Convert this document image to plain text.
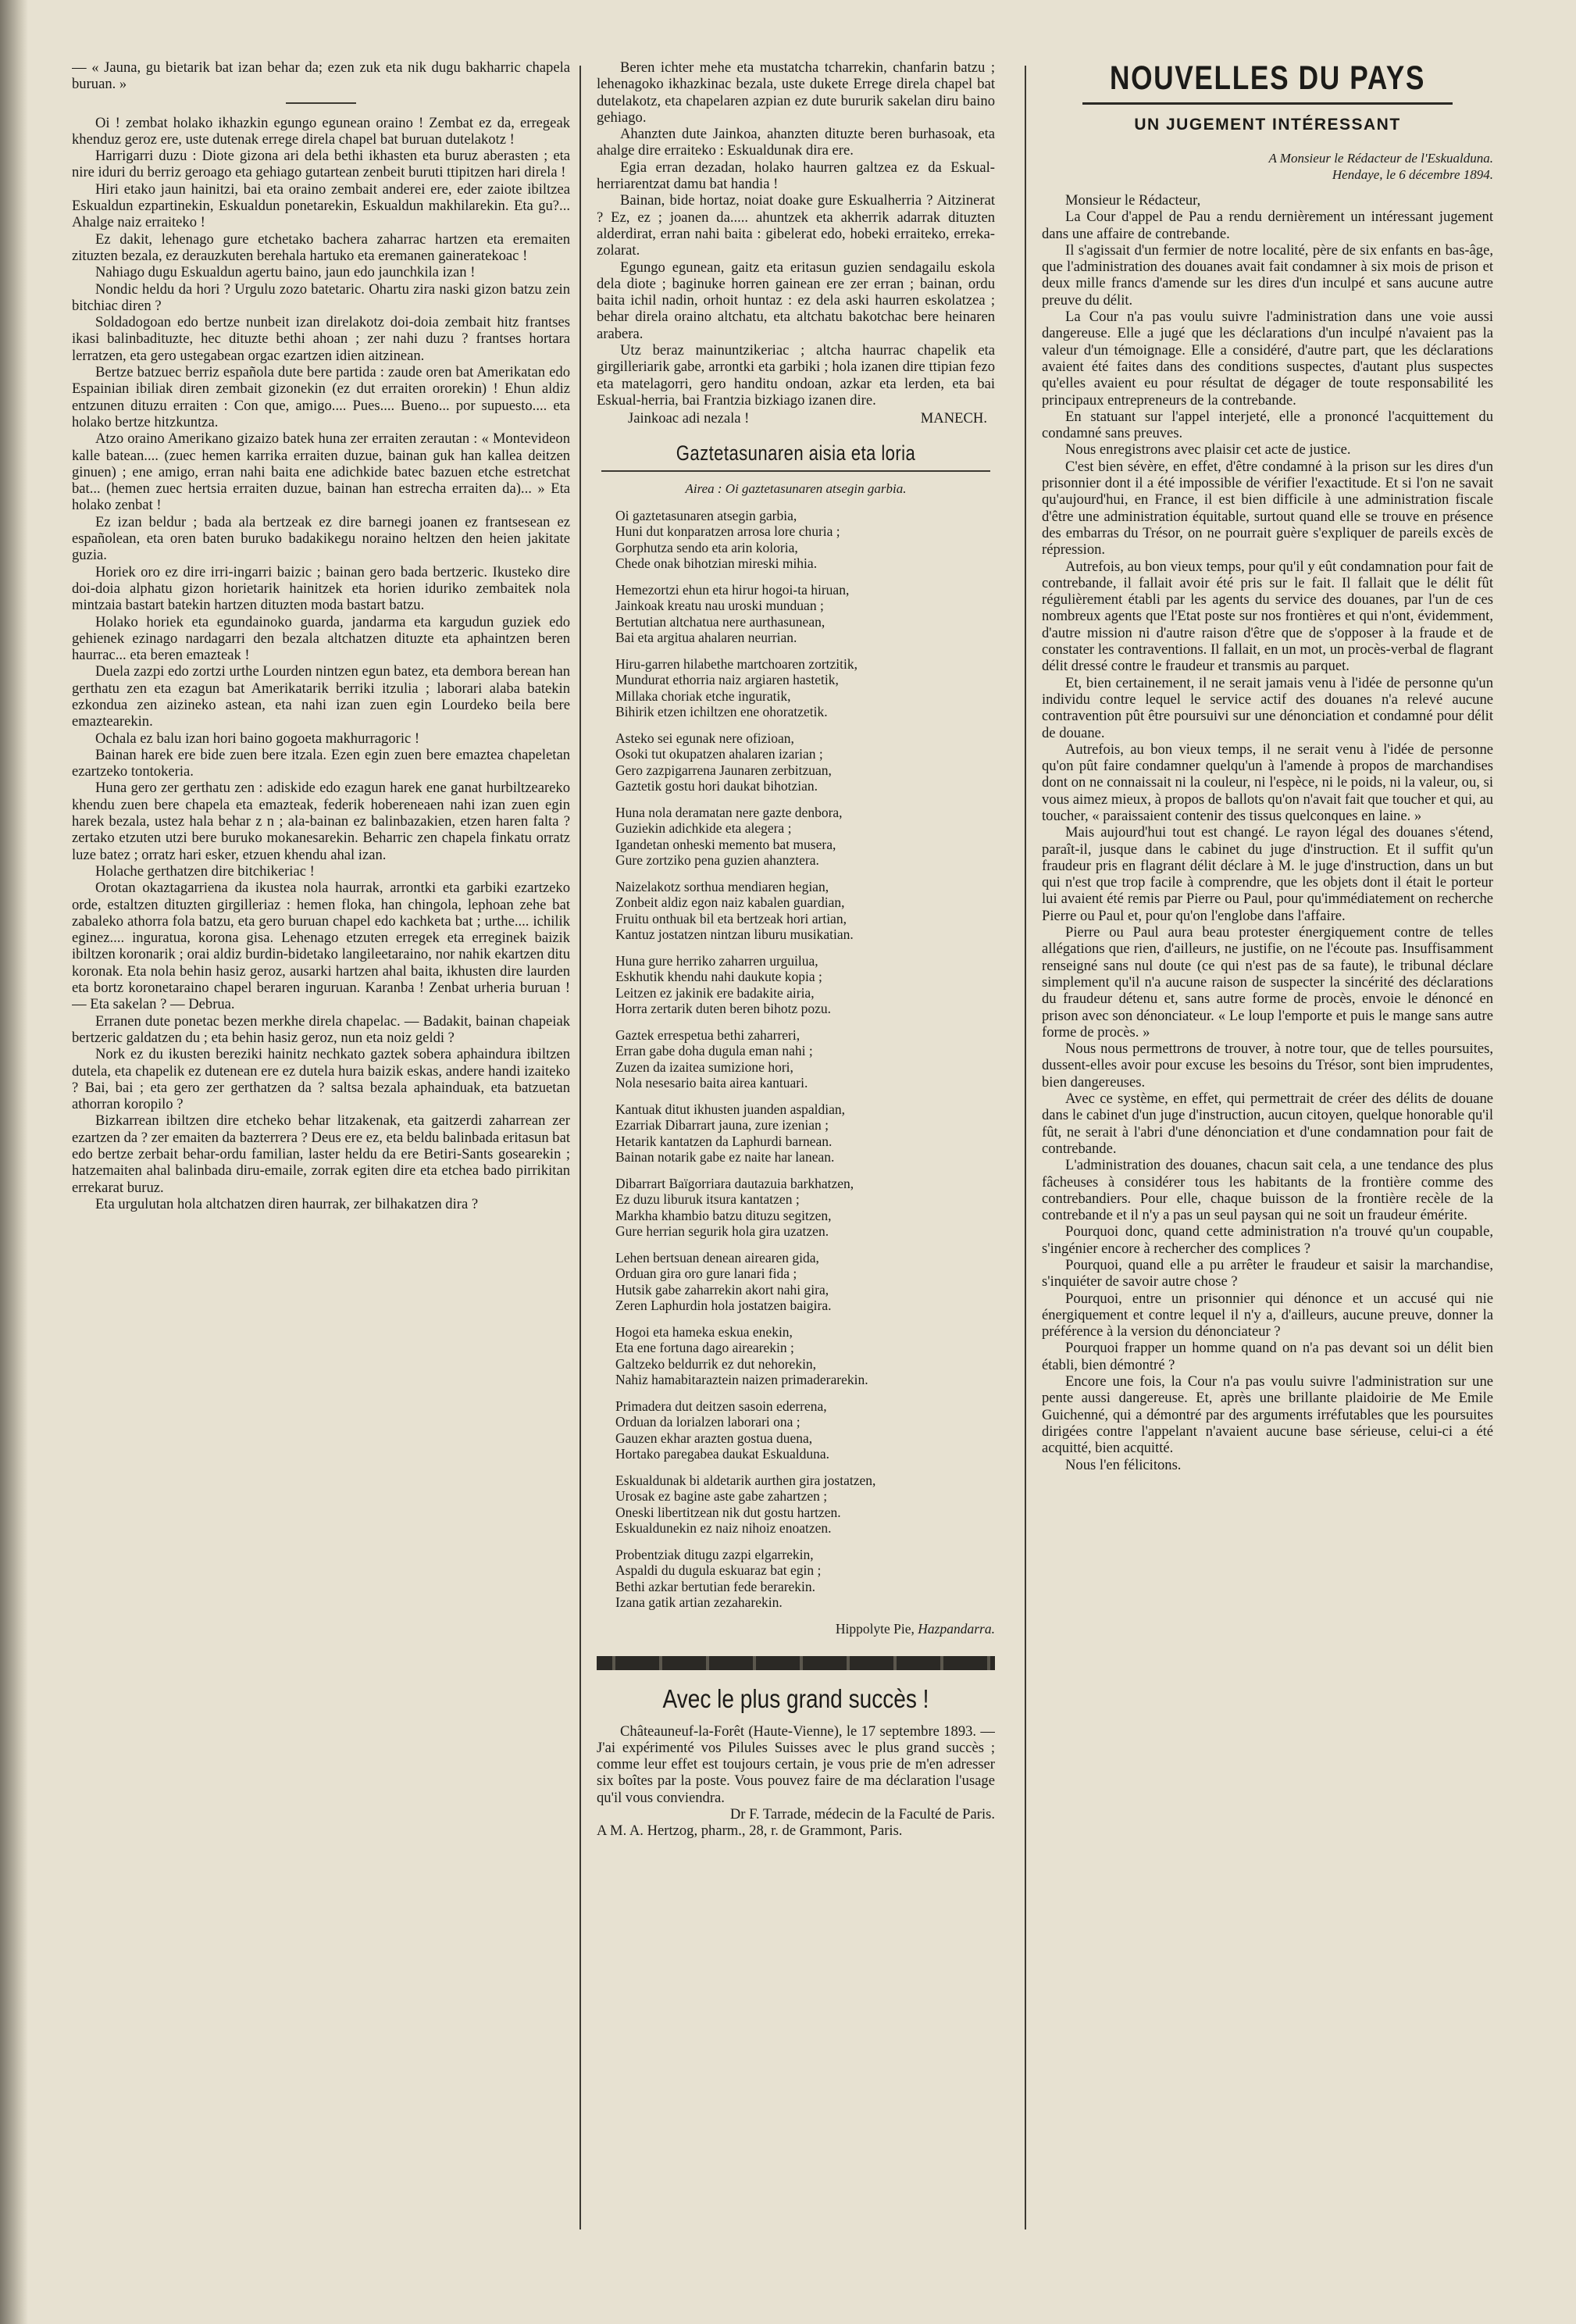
— « Jauna, gu bietarik bat izan behar da; ezen zuk eta nik dugu bakharric chapela buruan. »

Oi ! zembat holako ikhazkin egungo egunean oraino ! Zembat ez da, erregeak khenduz geroz ere, uste dutenak erregе direla chapel bat buruan dutelakotz !

Harrigarri duzu : Diote gizona ari dela bethi ikhasten eta buruz aberasten ; eta nire iduri du berriz geroago eta gehiago gutartean zenbeit buruti ttipitzen hari direla !

Hiri etako jaun hainitzi, bai eta oraino zembait anderei ere, eder zaiote ibiltzea Eskualdun ezpartinekin, Eskualdun ponetarekin, Eskualdun makhilarekin. Eta gu?... Ahalge naiz erraiteko !

Ez dakit, lehenago gure etchetako bachera zaharrac hartzen eta eremaiten zituzten bezala, ez derauzkuten berehala hartuko eta eremanen gaineratekoac !

Nahiago dugu Eskualdun agertu baino, jaun edo jaunchkila izan !

Nondic heldu da hori ? Urgulu zozo batetaric. Ohartu zira naski gizon batzu zein bitchiac diren ?

Soldadogoan edo bertze nunbeit izan direlakotz doi-doia zembait hitz frantses ikasi balinbadituzte, hec dituzte bethi ahoan ; zer nahi duzu ? frantses hortara lerratzen, eta gero ustegabean orgac ezartzen idien aitzinean.

Bertze batzuec berriz española dute bere partida : zaude oren bat Amerikatan edo Espainian ibiliak diren zembait gizonekin (ez dut erraiten ororekin) ! Ehun aldiz entzunen dituzu erraiten : Con que, amigo.... Pues.... Bueno... por supuesto.... eta holako bertze hitzkuntza.

Atzo oraino Amerikano gizaizo batek huna zer erraiten zerautan : « Montevideon kalle batean.... (zuec hemen karrika erraiten duzue, bainan guk han kallea deitzen ginuen) ; ene amigo, erran nahi baita ene adichkide batec bazuen etche estretchat bat... (hemen zuec hertsia erraiten duzue, bainan han estrecha erraiten da)... » Eta holako zenbat !

Ez izan beldur ; bada ala bertzeak ez dire barnegi joanen ez frantsesean ez españolean, eta oren baten buruko badakikegu noraino heltzen den heien jakitate guzia.

Horiek oro ez dire irri-ingarri baizic ; bainan gero bada bertzeric. Ikusteko dire doi-doia alphatu gizon horietarik hainitzek eta horien iduriko zembaitek nola mintzaia bastart batekin hartzen dituzten moda bastart batzu.

Holako horiek eta egundainoko guarda, jandarma eta kargudun guziek edo gehienek ezinago nardagarri den bezala altchatzen dituzte eta aphaintzen beren haurrac... eta beren emazteak !

Duela zazpi edo zortzi urthe Lourden nintzen egun batez, eta dembora berean han gerthatu zen eta ezagun bat Amerikatarik berriki itzulia ; laborari alaba batekin ezkondua zen aizineko astean, eta nahi izan zuen egin Lourdeko beila bere emaztearekin.

Ochala ez balu izan hori baino gogoeta makhurragoric !

Bainan harek ere bide zuen bere itzala. Ezen egin zuen bere emaztea chapeletan ezartzeko tontokeria.

Huna gero zer gerthatu zen : adiskide edo ezagun harek ene ganat hurbiltzeareko khendu zuen bere chapela eta emazteak, federik hobereneaen nahi izan zuen egin harek bezala, ustez hala behar z n ; ala-bainan ez balinbazakien, etzen haren falta ? zertako etzuten utzi bere buruko mokanesarekin. Beharric zen chapela finkatu orratz luze batez ; orratz hari esker, etzuen khendu ahal izan.

Holache gerthatzen dire bitchikeriac !

Orotan okaztagarriena da ikustea nola haurrak, arrontki eta garbiki ezartzeko orde, estaltzen dituzten girgilleriaz : hemen floka, han chingola, lephoan zehe bat zabaleko athorra fola batzu, eta gero buruan chapel edo kachketa bat ; urthe.... ichilik eginez.... inguratua, korona gisa. Lehenago etzuten erregek eta erreginek baizik ibiltzen koronarik ; orai aldiz burdin-bidetako langileetaraino, nor nahik ekartzen ditu koronak. Eta nola behin hasiz geroz, ausarki hartzen ahal baita, ikhusten dire laurden eta bortz koronetaraino chapel beraren inguruan. Karanba ! Zenbat urheria buruan ! — Eta sakelan ? — Debrua.

Erranen dute ponetac bezen merkhe direla chapelac. — Badakit, bainan chapeiak bertzeric galdatzen du ; eta behin hasiz geroz, nun eta noiz geldi ?

Nork ez du ikusten bereziki hainitz nechkato gaztek sobera aphaindura ibiltzen dutela, eta chapelik ez dutenean ere ez dutela hura baizik eskas, andere handi izaiteko ? Bai, bai ; eta gero zer gerthatzen da ? saltsa bezala aphainduak, eta batzuetan athorran koropilo ?

Bizkarrean ibiltzen dire etcheko behar litzakenak, eta gaitzerdi zaharrean zer ezartzen da ? zer emaiten da bazterrera ? Deus ere ez, eta beldu balinbada eritasun bat edo bertze zerbait behar-ordu familian, laster heldu da ere Betiri-Sants gosearekin ; hatzemaiten ahal balinbada diru-emaile, zorrak egiten dire eta etchea bado pirrikitan errekarat buruz.

Eta urgulutan hola altchatzen diren haurrak, zer bilhakatzen dira ?

Beren ichter mehe eta mustatcha tcharrekin, chanfarin batzu ; lehenagoko ikhazkinac bezala, uste dukete Erregе direla chapel bat dutelakotz, eta chapelaren azpian ez dute bururik sakelan diru baino gehiago.

Ahanzten dute Jainkoa, ahanzten dituzte beren burhasoak, eta ahalge dire erraiteko : Eskualdunak dira ere.

Egia erran dezadan, holako haurren galtzea ez da Eskual-herriarentzat damu bat handia !

Bainan, bide hortaz, noiat doake gure Eskualherria ? Aitzinerat ? Ez, ez ; joanen da..... ahuntzek eta akherrik adarrak dituzten alderdirat, erran nahi baita : gibelerat edo, hobeki erraiteko, erreka-zolarat.

Egungo egunean, gaitz eta eritasun guzien sendagailu eskola dela diote ; baginuke horren gainean ere zer erran ; bainan, ordu baita ichil nadin, orhoit huntaz : ez dela aski haurren eskolatzea ; behar direla oraino altchatu, eta altchatu bakotchac bere heinaren arabera.

Utz beraz mainuntzikeriac ; altcha haurrac chapelik eta girgilleriarik gabe, arrontki eta garbiki ; hola izanen dire ttipian fezo eta matelagorri, gero handitu ondoan, azkar eta lerden, eta bai Eskual-herria, bai Frantzia bizkiago izanen dire.

Jainkoac adi nezala !	MANECH.
Gaztetasunaren aisia eta loria
Airea : Oi gaztetasunaren atsegin garbia.
Oi gaztetasunaren atsegin garbia,
Huni dut konparatzen arrosa lore churia ;
Gorphutza sendo eta arin koloria,
Chede onak bihotzian mireski mihia.
Hemezortzi ehun eta hirur hogoi-ta hiruan,
Jainkoak kreatu nau uroski munduan ;
Bertutian altchatua nere aurthasunean,
Bai eta argitua ahalaren neurrian.
Hiru-garren hilabethe martchoaren zortzitik,
Mundurat ethorria naiz argiaren hastetik,
Millaka choriak etche inguratik,
Bihirik etzen ichiltzen ene ohoratzetik.
Asteko sei egunak nere ofizioan,
Osoki tut okupatzen ahalaren izarian ;
Gero zazpigarrena Jaunaren zerbitzuan,
Gaztetik gostu hori daukat bihotzian.
Huna nola deramatan nere gazte denbora,
Guziekin adichkide eta alegera ;
Igandetan onheski memento bat musera,
Gure zortziko pena guzien ahanztera.
Naizelakotz sorthua mendiaren hegian,
Zonbeit aldiz egon naiz kabalen guardian,
Fruitu onthuak bil eta bertzeak hori artian,
Kantuz jostatzen nintzan liburu musikatian.
Huna gure herriko zaharren urguilua,
Eskhutik khendu nahi daukute kopia ;
Leitzen ez jakinik ere badakite airia,
Horra zertarik duten beren bihotz pozu.
Gaztek errespetua bethi zaharreri,
Erran gabe doha dugula eman nahi ;
Zuzen da izaitea sumizione hori,
Nola nesesario baita airea kantuari.
Kantuak ditut ikhusten juanden aspaldian,
Ezarriak Dibarrart jauna, zure izenian ;
Hetarik kantatzen da Laphurdi barnean.
Bainan notarik gabe ez naite har lanean.
Dibarrart Baïgorriara dautazuia barkhatzen,
Ez duzu liburuk itsura kantatzen ;
Markha khambio batzu dituzu segitzen,
Gure herrian segurik hola gira uzatzen.
Lehen bertsuan denean airearen gida,
Orduan gira oro gure lanari fida ;
Hutsik gabe zaharrekin akort nahi gira,
Zeren Laphurdin hola jostatzen baigira.
Hogoi eta hameka eskua enekin,
Eta ene fortuna dago airearekin ;
Galtzeko beldurrik ez dut nehorekin,
Nahiz hamabitaraztein naizen primaderarekin.
Primadera dut deitzen sasoin ederrena,
Orduan da lorialzen laborari ona ;
Gauzen ekhar arazten gostua duena,
Hortako paregabea daukat Eskualduna.
Eskualdunak bi aldetarik aurthen gira jostatzen,
Urosak ez bagine aste gabe zahartzen ;
Oneski libertitzean nik dut gostu hartzen.
Eskualdunekin ez naiz nihoiz enoatzen.
Probentziak ditugu zazpi elgarrekin,
Aspaldi du dugula eskuaraz bat egin ;
Bethi azkar bertutian fede berarekin.
Izana gatik artian zezaharekin.
Hippolyte Pie, Hazpandarra.
Avec le plus grand succès !

Châteauneuf-la-Forêt (Haute-Vienne), le 17 septembre 1893. — J'ai expérimenté vos Pilules Suisses avec le plus grand succès ; comme leur effet est toujours certain, je vous prie de m'en adresser six boîtes par la poste. Vous pouvez faire de ma déclaration l'usage qu'il vous conviendra.

Dr F. Tarrade, médecin de la Faculté de Paris.

A M. A. Hertzog, pharm., 28, r. de Grammont, Paris.

NOUVELLES DU PAYS
UN JUGEMENT INTÉRESSANT
A Monsieur le Rédacteur de l'Eskualduna.
Hendaye, le 6 décembre 1894.

Monsieur le Rédacteur,

La Cour d'appel de Pau a rendu dernièrement un intéressant jugement dans une affaire de contrebande.

Il s'agissait d'un fermier de notre localité, père de six enfants en bas-âge, que l'administration des douanes avait fait condamner à six mois de prison et deux mille francs d'amende sur les dires d'un inculpé et sans aucune autre preuve du délit.

La Cour n'a pas voulu suivre l'administration dans une voie aussi dangereuse. Elle a jugé que les déclarations d'un inculpé n'avaient pas la valeur d'un témoignage. Elle a considéré, d'autre part, que les déclarations avaient été faites dans des conditions suspectes, d'autant plus suspectes qu'elles avaient eu pour résultat de dégager de toute responsabilité les principaux entrepreneurs de la contrebande.

En statuant sur l'appel interjeté, elle a prononcé l'acquittement du condamné sans preuves.

Nous enregistrons avec plaisir cet acte de justice.

C'est bien sévère, en effet, d'être condamné à la prison sur les dires d'un prisonnier dont il a été impossible de vérifier l'exactitude. Et si l'on ne savait qu'aujourd'hui, en France, il est bien difficile à une administration fiscale d'être une administration équitable, surtout quand elle se trouve en présence des embarras du Trésor, on ne pourrait guère s'expliquer de pareils excès de répression.

Autrefois, au bon vieux temps, pour qu'il y eût condamnation pour fait de contrebande, il fallait avoir été pris sur le fait. Il fallait que le délit fût régulièrement établi par les agents du service des douanes, par l'un de ces nombreux agents que l'Etat poste sur nos frontières et qui n'ont, évidemment, d'autre mission ni d'autre raison d'être que de s'opposer à la fraude et de constater les contraventions. Il fallait, en un mot, un procès-verbal de flagrant délit dressé contre le fraudeur et transmis au parquet.

Et, bien certainement, il ne serait jamais venu à l'idée de personne qu'un individu contre lequel le service actif des douanes n'a relevé aucune contravention pût être poursuivi sur une dénonciation et condamné pour délit de douane.

Autrefois, au bon vieux temps, il ne serait venu à l'idée de personne qu'on pût faire condamner quelqu'un à l'amende à propos de marchandises dont on ne connaissait ni la couleur, ni l'espèce, ni le poids, ni la valeur, ou, si vous aimez mieux, à propos de ballots qu'on n'avait fait que toucher et qui, au toucher, « paraissaient contenir des tissus quelconques en laine. »

Mais aujourd'hui tout est changé. Le rayon légal des douanes s'étend, paraît-il, jusque dans le cabinet du juge d'instruction. Et il suffit qu'un fraudeur pris en flagrant délit déclare à M. le juge d'instruction, dans un but qui n'est que trop facile à comprendre, que les objets dont il était le porteur lui avaient été remis par Pierre ou Paul, pour qu'immédiatement on recherche Pierre ou Paul et, pour qu'on l'englobe dans l'affaire.

Pierre ou Paul aura beau protester énergiquement contre de telles allégations que rien, d'ailleurs, ne justifie, on ne l'écoute pas. Insuffisamment renseigné sans nul doute (ce qui n'est pas de sa faute), le tribunal déclare simplement qu'il n'a aucune raison de suspecter la sincérité des déclarations du fraudeur détenu et, sans autre forme de procès, envoie le dénoncé en prison avec son dénonciateur. « Le loup l'emporte et puis le mange sans autre forme de procès. »

Nous nous permettrons de trouver, à notre tour, que de telles poursuites, dussent-elles avoir pour excuse les besoins du Trésor, sont bien imprudentes, bien dangereuses.

Avec ce système, en effet, qui permettrait de créer des délits de douane dans le cabinet d'un juge d'instruction, aucun citoyen, quelque honorable qu'il fût, ne serait à l'abri d'une dénonciation et d'une condamnation pour fait de contrebande.

L'administration des douanes, chacun sait cela, a une tendance des plus fâcheuses à considérer tous les habitants de la frontière comme des contrebandiers. Pour elle, chaque buisson de la frontière recèle de la contrebande et il n'y a pas un seul paysan qui ne soit un fraudeur émérite.

Pourquoi donc, quand cette administration n'a trouvé qu'un coupable, s'ingénier encore à rechercher des complices ?

Pourquoi, quand elle a pu arrêter le fraudeur et saisir la marchandise, s'inquiéter de savoir autre chose ?

Pourquoi, entre un prisonnier qui dénonce et un accusé qui nie énergiquement et contre lequel il n'y a, d'ailleurs, aucune preuve, donner la préférence à la version du dénonciateur ?

Pourquoi frapper un homme quand on n'a pas devant soi un délit bien établi, bien démontré ?

Encore une fois, la Cour n'a pas voulu suivre l'administration sur une pente aussi dangereuse. Et, après une brillante plaidoirie de Me Emile Guichenné, qui a démontré par des arguments irréfutables que les poursuites dirigées contre l'appelant n'avaient aucune base sérieuse, celui-ci a été acquitté, bien acquitté.

Nous l'en félicitons.
